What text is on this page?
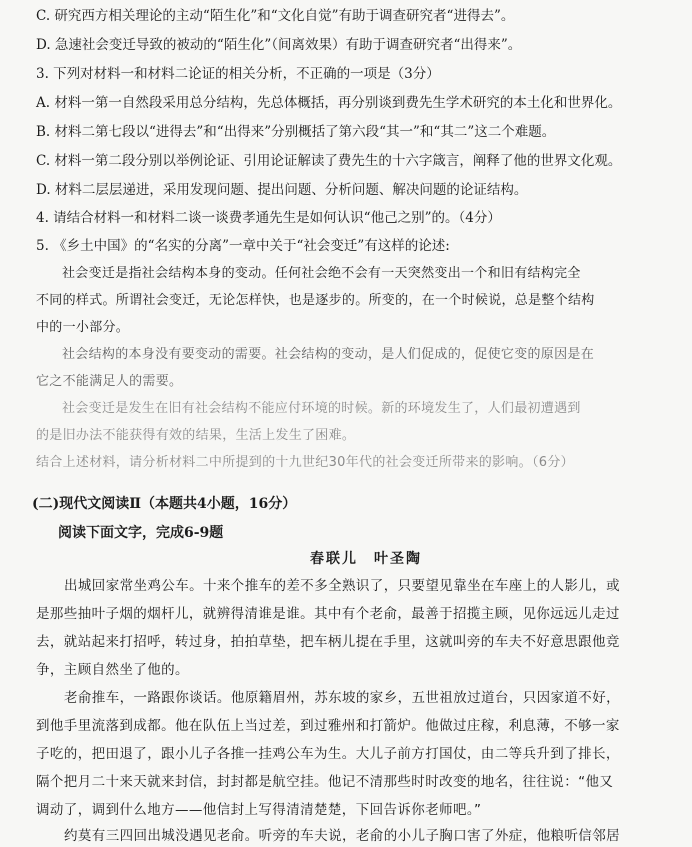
C. 研究西方相关理论的主动“陌生化”和“文化自觉”有助于调查研究者“进得去”。
D. 急速社会变迁导致的被动的“陌生化”（间离效果）有助于调查研究者“出得来”。
3. 下列对材料一和材料二论证的相关分析，不正确的一项是（3分）
A. 材料一第一自然段采用总分结构，先总体概括，再分别谈到费先生学术研究的本土化和世界化。
B. 材料二第七段以“进得去”和“出得来”分别概括了第六段“其一”和“其二”这二个难题。
C. 材料一第二段分别以举例论证、引用论证解读了费先生的十六字箴言，阐释了他的世界文化观。
D. 材料二层层递进，采用发现问题、提出问题、分析问题、解决问题的论证结构。
4. 请结合材料一和材料二谈一谈费孝通先生是如何认识“他己之别”的。（4分）
5. 《乡土中国》的“名实的分离”一章中关于“社会变迁”有这样的论述:
社会变迁是指社会结构本身的变动。任何社会绝不会有一天突然变出一个和旧有结构完全
不同的样式。所谓社会变迁，无论怎样快，也是逐步的。所变的，在一个时候说，总是整个结构
中的一小部分。
社会结构的本身没有要变动的需要。社会结构的变动，是人们促成的，促使它变的原因是在
它之不能满足人的需要。
社会变迁是发生在旧有社会结构不能应付环境的时候。新的环境发生了，人们最初遭遇到
的是旧办法不能获得有效的结果，生活上发生了困难。
结合上述材料，请分析材料二中所提到的十九世纪30年代的社会变迁所带来的影响。（6分）
(二)现代文阅读Ⅱ（本题共4小题，16分）
阅读下面文字，完成6-9题
春联儿　叶圣陶
出城回家常坐鸡公车。十来个推车的差不多全熟识了，只要望见靠坐在车座上的人影儿，或
是那些抽叶子烟的烟杆儿，就辨得清谁是谁。其中有个老俞，最善于招揽主顾，见你远远儿走过
去，就站起来打招呼，转过身，拍拍草垫，把车柄儿提在手里，这就叫旁的车夫不好意思跟他竞
争，主顾自然坐了他的。
老俞推车，一路跟你谈话。他原籍眉州，苏东坡的家乡，五世祖放过道台，只因家道不好，
到他手里流落到成都。他在队伍上当过差，到过雅州和打箭炉。他做过庄稼，利息薄，不够一家
子吃的，把田退了，跟小儿子各推一挂鸡公车为生。大儿子前方打国仗，由二等兵升到了排长，
隔个把月二十来天就来封信，封封都是航空挂。他记不清那些时时改变的地名，往往说：“他又
调动了，调到什么地方——他信封上写得清清楚楚，下回告诉你老师吧。”
约莫有三四回出城没遇见老俞。听旁的车夫说，老俞的小儿子胸口害了外症，他粮听信邻居
